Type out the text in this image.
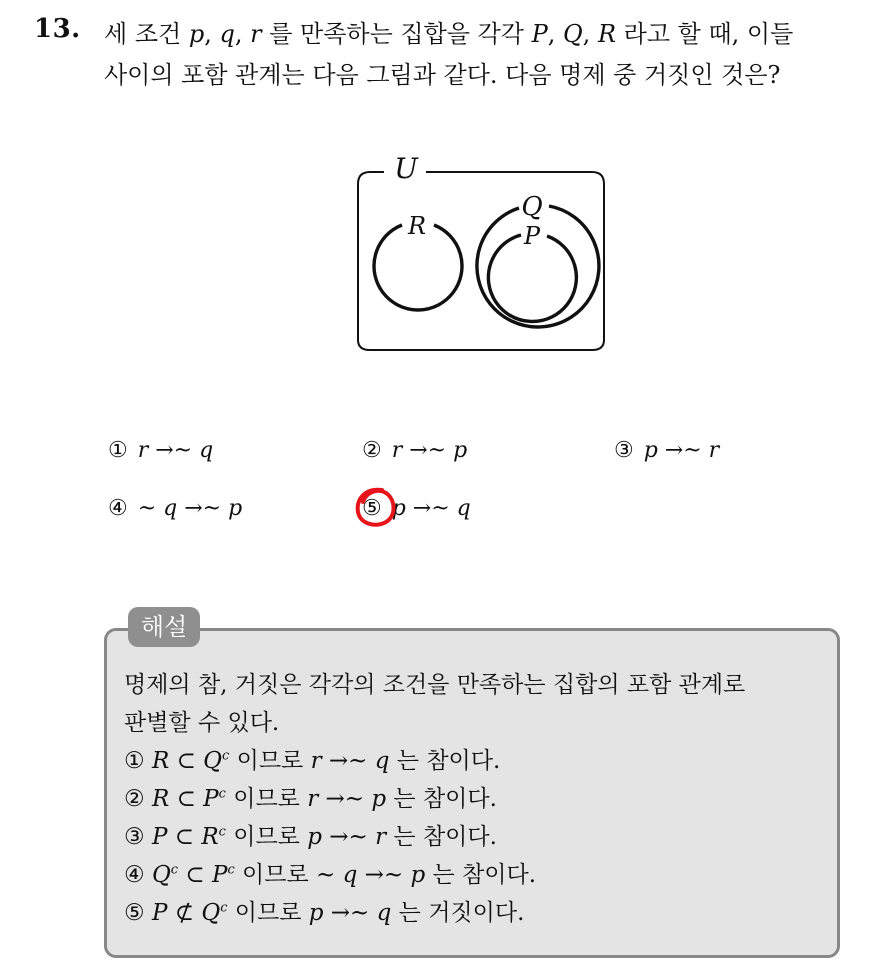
13. 세 조건 p, q, r 를 만족하는 집합을 각각 P, Q, R 라고 할 때, 이들
사이의 포함 관계는 다음 그림과 같다. 다음 명제 중 거짓인 것은?
U
R
Q
P
① r →~ q	② r →~ p	③ p →~ r
④ ~ q →~ p	⑤ p →~ q
해설
명제의 참, 거짓은 각각의 조건을 만족하는 집합의 포함 관계로
판별할 수 있다.
① R ⊂ $Q^c$ 이므로 r →~ q 는 참이다.
② R ⊂ $P^c$ 이므로 r →~ p 는 참이다.
③ P ⊂ $R^c$ 이므로 p →~ r 는 참이다.
④ $Q^c$ ⊂ $P^c$ 이므로 ~ q →~ p 는 참이다.
⑤ P ⊄ $Q^c$ 이므로 p →~ q 는 거짓이다.
